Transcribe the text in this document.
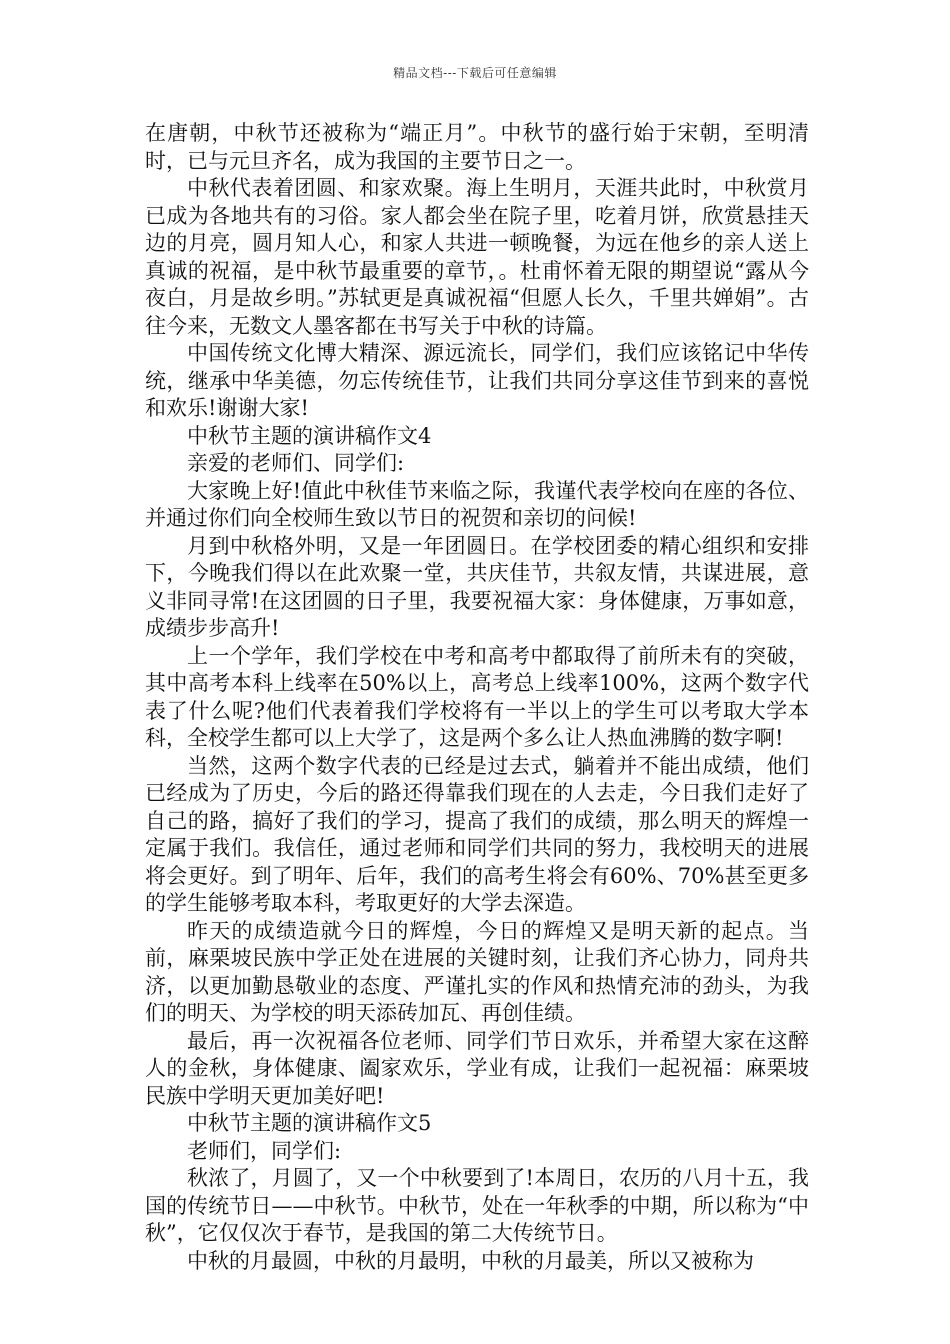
精品文档---下载后可任意编辑

在唐朝，中秋节还被称为“端正月”。中秋节的盛行始于宋朝，至明清时，已与元旦齐名，成为我国的主要节日之一。

中秋代表着团圆、和家欢聚。海上生明月，天涯共此时，中秋赏月已成为各地共有的习俗。家人都会坐在院子里，吃着月饼，欣赏悬挂天边的月亮，圆月知人心，和家人共进一顿晚餐，为远在他乡的亲人送上真诚的祝福，是中秋节最重要的章节，。杜甫怀着无限的期望说“露从今夜白，月是故乡明。”苏轼更是真诚祝福“但愿人长久，千里共婵娟”。古往今来，无数文人墨客都在书写关于中秋的诗篇。

中国传统文化博大精深、源远流长，同学们，我们应该铭记中华传统，继承中华美德，勿忘传统佳节，让我们共同分享这佳节到来的喜悦和欢乐!谢谢大家!

中秋节主题的演讲稿作文4

亲爱的老师们、同学们:

大家晚上好!值此中秋佳节来临之际，我谨代表学校向在座的各位、并通过你们向全校师生致以节日的祝贺和亲切的问候!

月到中秋格外明，又是一年团圆日。在学校团委的精心组织和安排下，今晚我们得以在此欢聚一堂，共庆佳节，共叙友情，共谋进展，意义非同寻常!在这团圆的日子里，我要祝福大家：身体健康，万事如意，成绩步步高升!

上一个学年，我们学校在中考和高考中都取得了前所未有的突破，其中高考本科上线率在50%以上，高考总上线率100%，这两个数字代表了什么呢?他们代表着我们学校将有一半以上的学生可以考取大学本科，全校学生都可以上大学了，这是两个多么让人热血沸腾的数字啊!

当然，这两个数字代表的已经是过去式，躺着并不能出成绩，他们已经成为了历史，今后的路还得靠我们现在的人去走，今日我们走好了自己的路，搞好了我们的学习，提高了我们的成绩，那么明天的辉煌一定属于我们。我信任，通过老师和同学们共同的努力，我校明天的进展将会更好。到了明年、后年，我们的高考生将会有60%、70%甚至更多的学生能够考取本科，考取更好的大学去深造。

昨天的成绩造就今日的辉煌，今日的辉煌又是明天新的起点。当前，麻栗坡民族中学正处在进展的关键时刻，让我们齐心协力，同舟共济，以更加勤恳敬业的态度、严谨扎实的作风和热情充沛的劲头，为我们的明天、为学校的明天添砖加瓦、再创佳绩。

最后，再一次祝福各位老师、同学们节日欢乐，并希望大家在这醉人的金秋，身体健康、阖家欢乐，学业有成，让我们一起祝福：麻栗坡民族中学明天更加美好吧!

中秋节主题的演讲稿作文5

老师们，同学们:

秋浓了，月圆了，又一个中秋要到了!本周日，农历的八月十五，我国的传统节日——中秋节。中秋节，处在一年秋季的中期，所以称为“中秋”，它仅仅次于春节，是我国的第二大传统节日。

中秋的月最圆，中秋的月最明，中秋的月最美，所以又被称为
